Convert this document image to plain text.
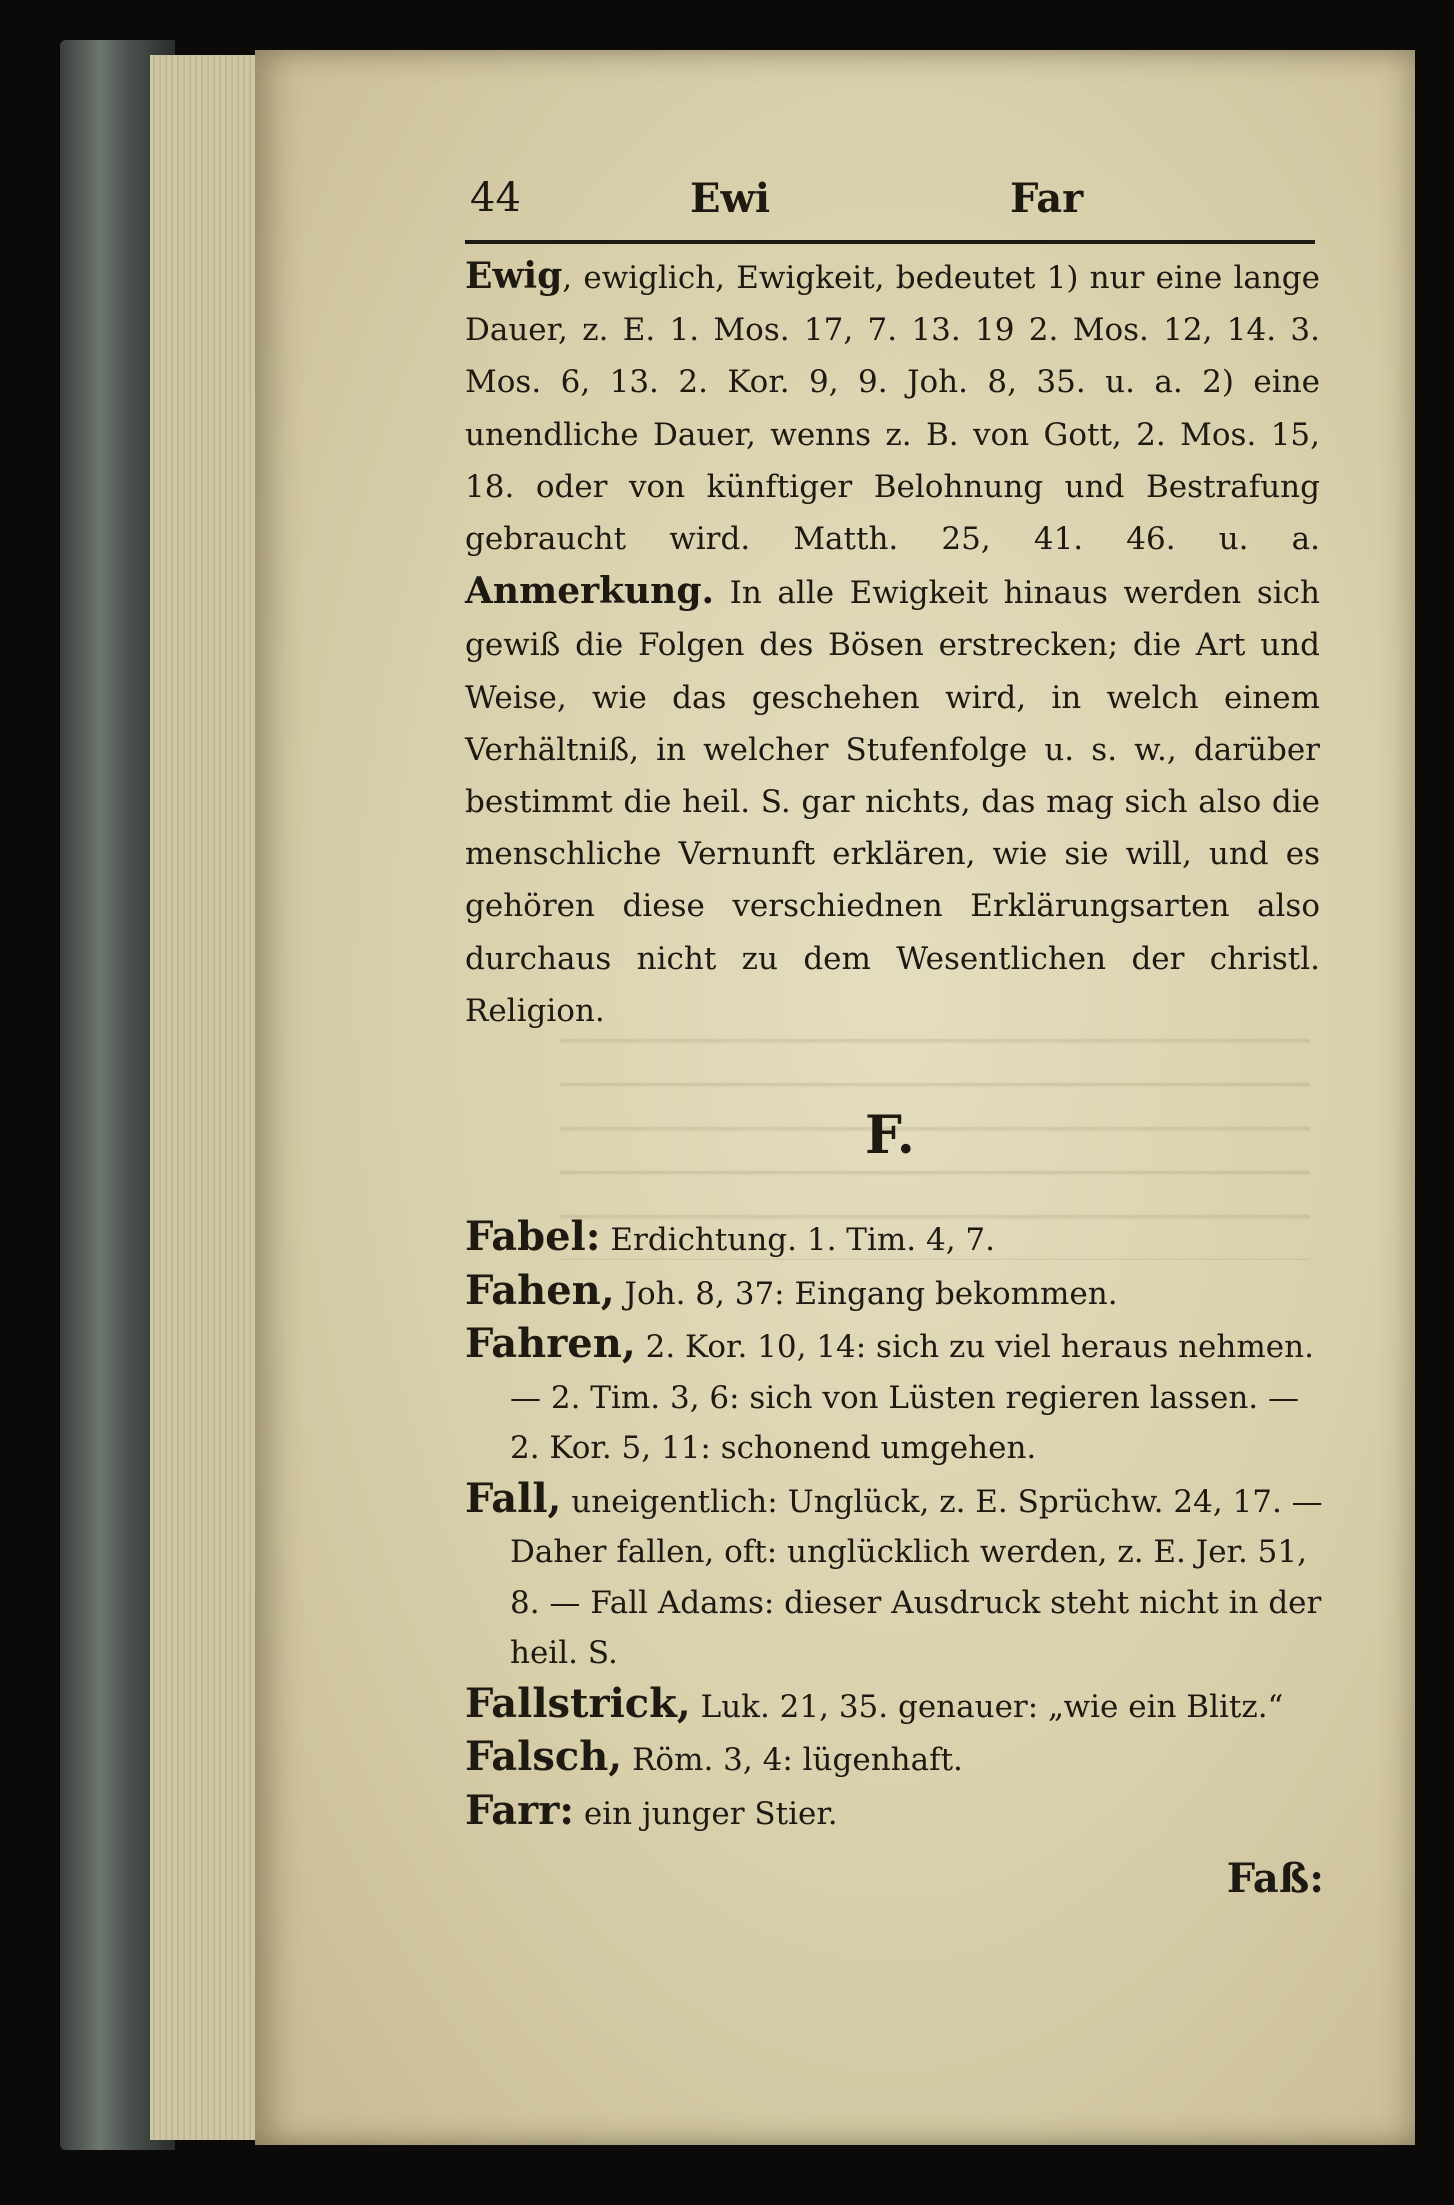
44	Ewi	Far

Ewig, ewiglich, Ewigkeit, bedeutet 1) nur eine lange Dauer, z. E. 1. Mos. 17, 7. 13. 19 2. Mos. 12, 14. 3. Mos. 6, 13. 2. Kor. 9, 9. Joh. 8, 35. u. a. 2) eine unendliche Dauer, wenns z. B. von Gott, 2. Mos. 15, 18. oder von künftiger Belohnung und Bestrafung gebraucht wird. Matth. 25, 41. 46. u. a. Anmerkung. In alle Ewigkeit hinaus werden sich gewiß die Folgen des Bösen erstrecken; die Art und Weise, wie das geschehen wird, in welch einem Verhältniß, in welcher Stufenfolge u. s. w., darüber bestimmt die heil. S. gar nichts, das mag sich also die menschliche Vernunft erklären, wie sie will, und es gehören diese verschiednen Erklärungsarten also durchaus nicht zu dem Wesentlichen der christl. Religion.

F.

Fabel: Erdichtung. 1. Tim. 4, 7.

Fahen, Joh. 8, 37: Eingang bekommen.

Fahren, 2. Kor. 10, 14: sich zu viel heraus nehmen. — 2. Tim. 3, 6: sich von Lüsten regieren lassen. — 2. Kor. 5, 11: schonend umgehen.

Fall, uneigentlich: Unglück, z. E. Sprüchw. 24, 17. — Daher fallen, oft: unglücklich werden, z. E. Jer. 51, 8. — Fall Adams: dieser Ausdruck steht nicht in der heil. S.

Fallstrick, Luk. 21, 35. genauer: „wie ein Blitz.“

Falsch, Röm. 3, 4: lügenhaft.

Farr: ein junger Stier.

Faß:
